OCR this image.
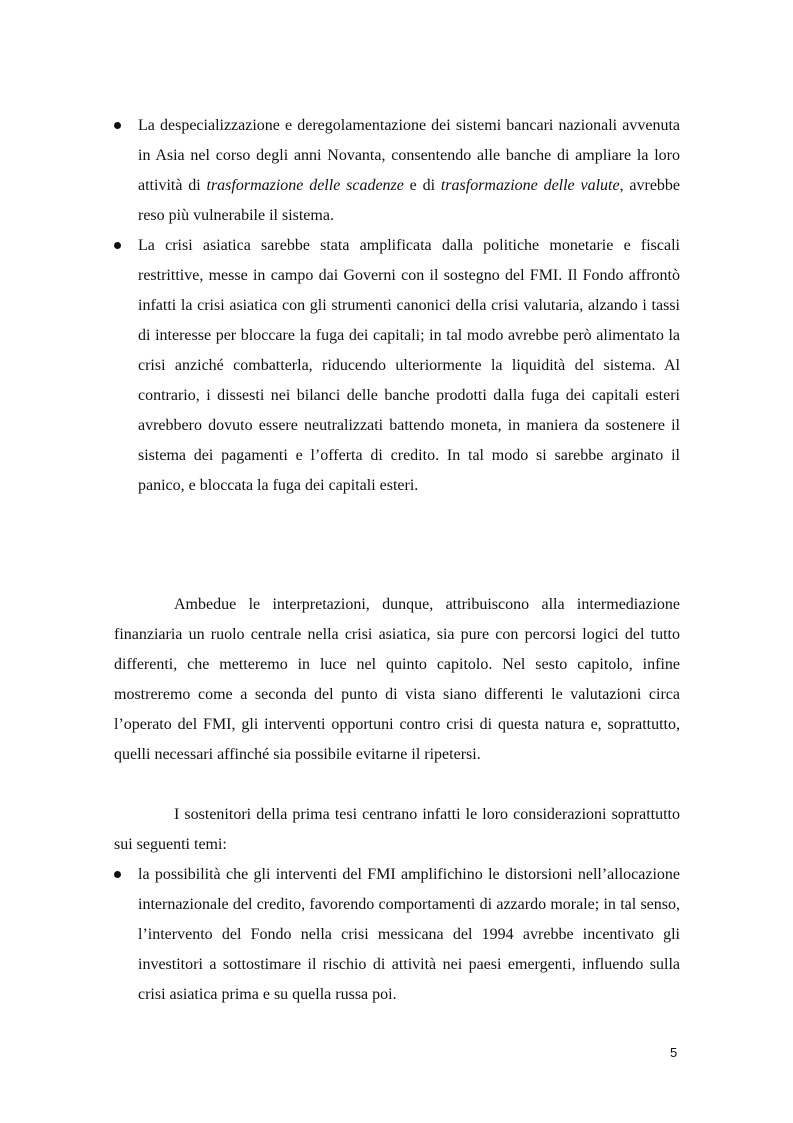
La despecializzazione e deregolamentazione dei sistemi bancari nazionali avvenuta in Asia nel corso degli anni Novanta, consentendo alle banche di ampliare la loro attività di trasformazione delle scadenze e di trasformazione delle valute, avrebbe reso più vulnerabile il sistema.
La crisi asiatica sarebbe stata amplificata dalla politiche monetarie e fiscali restrittive, messe in campo dai Governi con il sostegno del FMI. Il Fondo affrontò infatti la crisi asiatica con gli strumenti canonici della crisi valutaria, alzando i tassi di interesse per bloccare la fuga dei capitali; in tal modo avrebbe però alimentato la crisi anziché combatterla, riducendo ulteriormente la liquidità del sistema. Al contrario, i dissesti nei bilanci delle banche prodotti dalla fuga dei capitali esteri avrebbero dovuto essere neutralizzati battendo moneta, in maniera da sostenere il sistema dei pagamenti e l’offerta di credito. In tal modo si sarebbe arginato il panico, e bloccata la fuga dei capitali esteri.

Ambedue le interpretazioni, dunque, attribuiscono alla intermediazione finanziaria un ruolo centrale nella crisi asiatica, sia pure con percorsi logici del tutto differenti, che metteremo in luce nel quinto capitolo. Nel sesto capitolo, infine mostreremo come a seconda del punto di vista siano differenti le valutazioni circa l’operato del FMI, gli interventi opportuni contro crisi di questa natura e, soprattutto, quelli necessari affinché sia possibile evitarne il ripetersi.

I sostenitori della prima tesi centrano infatti le loro considerazioni soprattutto sui seguenti temi:

la possibilità che gli interventi del FMI amplifichino le distorsioni nell’allocazione internazionale del credito, favorendo comportamenti di azzardo morale; in tal senso, l’intervento del Fondo nella crisi messicana del 1994 avrebbe incentivato gli investitori a sottostimare il rischio di attività nei paesi emergenti, influendo sulla crisi asiatica prima e su quella russa poi.
5
